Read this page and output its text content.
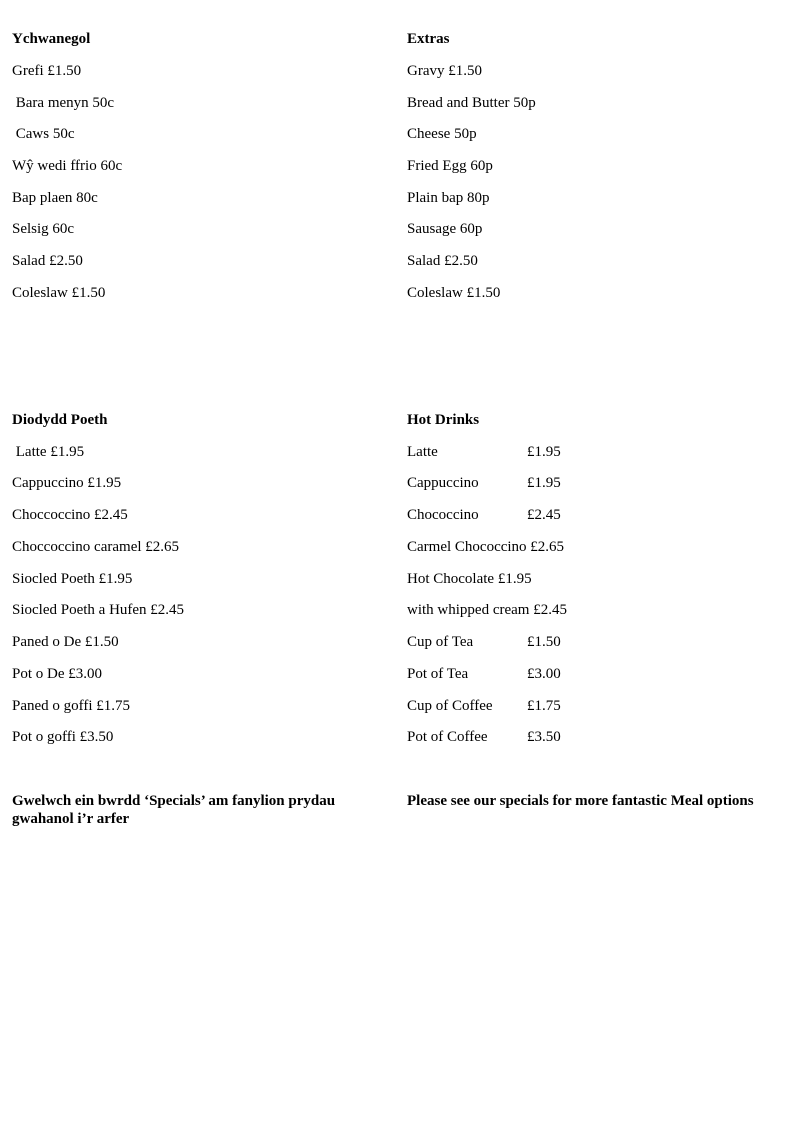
Ychwanegol
Grefi £1.50
Bara menyn 50c
Caws 50c
Wŷ wedi ffrio 60c
Bap plaen 80c
Selsig 60c
Salad £2.50
Coleslaw £1.50
Extras
Gravy £1.50
Bread and Butter 50p
Cheese 50p
Fried Egg 60p
Plain bap 80p
Sausage 60p
Salad £2.50
Coleslaw £1.50
Diodydd Poeth
Latte £1.95
Cappuccino £1.95
Choccoccino £2.45
Choccoccino caramel £2.65
Siocled Poeth £1.95
Siocled Poeth a Hufen £2.45
Paned o De £1.50
Pot o De £3.00
Paned o goffi £1.75
Pot o goffi £3.50
Hot Drinks
Latte	£1.95
Cappuccino	£1.95
Chococcino	£2.45
Carmel Chococcino £2.65
Hot Chocolate £1.95
with whipped cream £2.45
Cup of Tea	£1.50
Pot of Tea	£3.00
Cup of Coffee £1.75
Pot of Coffee	£3.50
Gwelwch ein bwrdd ‘Specials’ am fanylion prydau gwahanol i’r arfer
Please see our specials for more fantastic Meal options
